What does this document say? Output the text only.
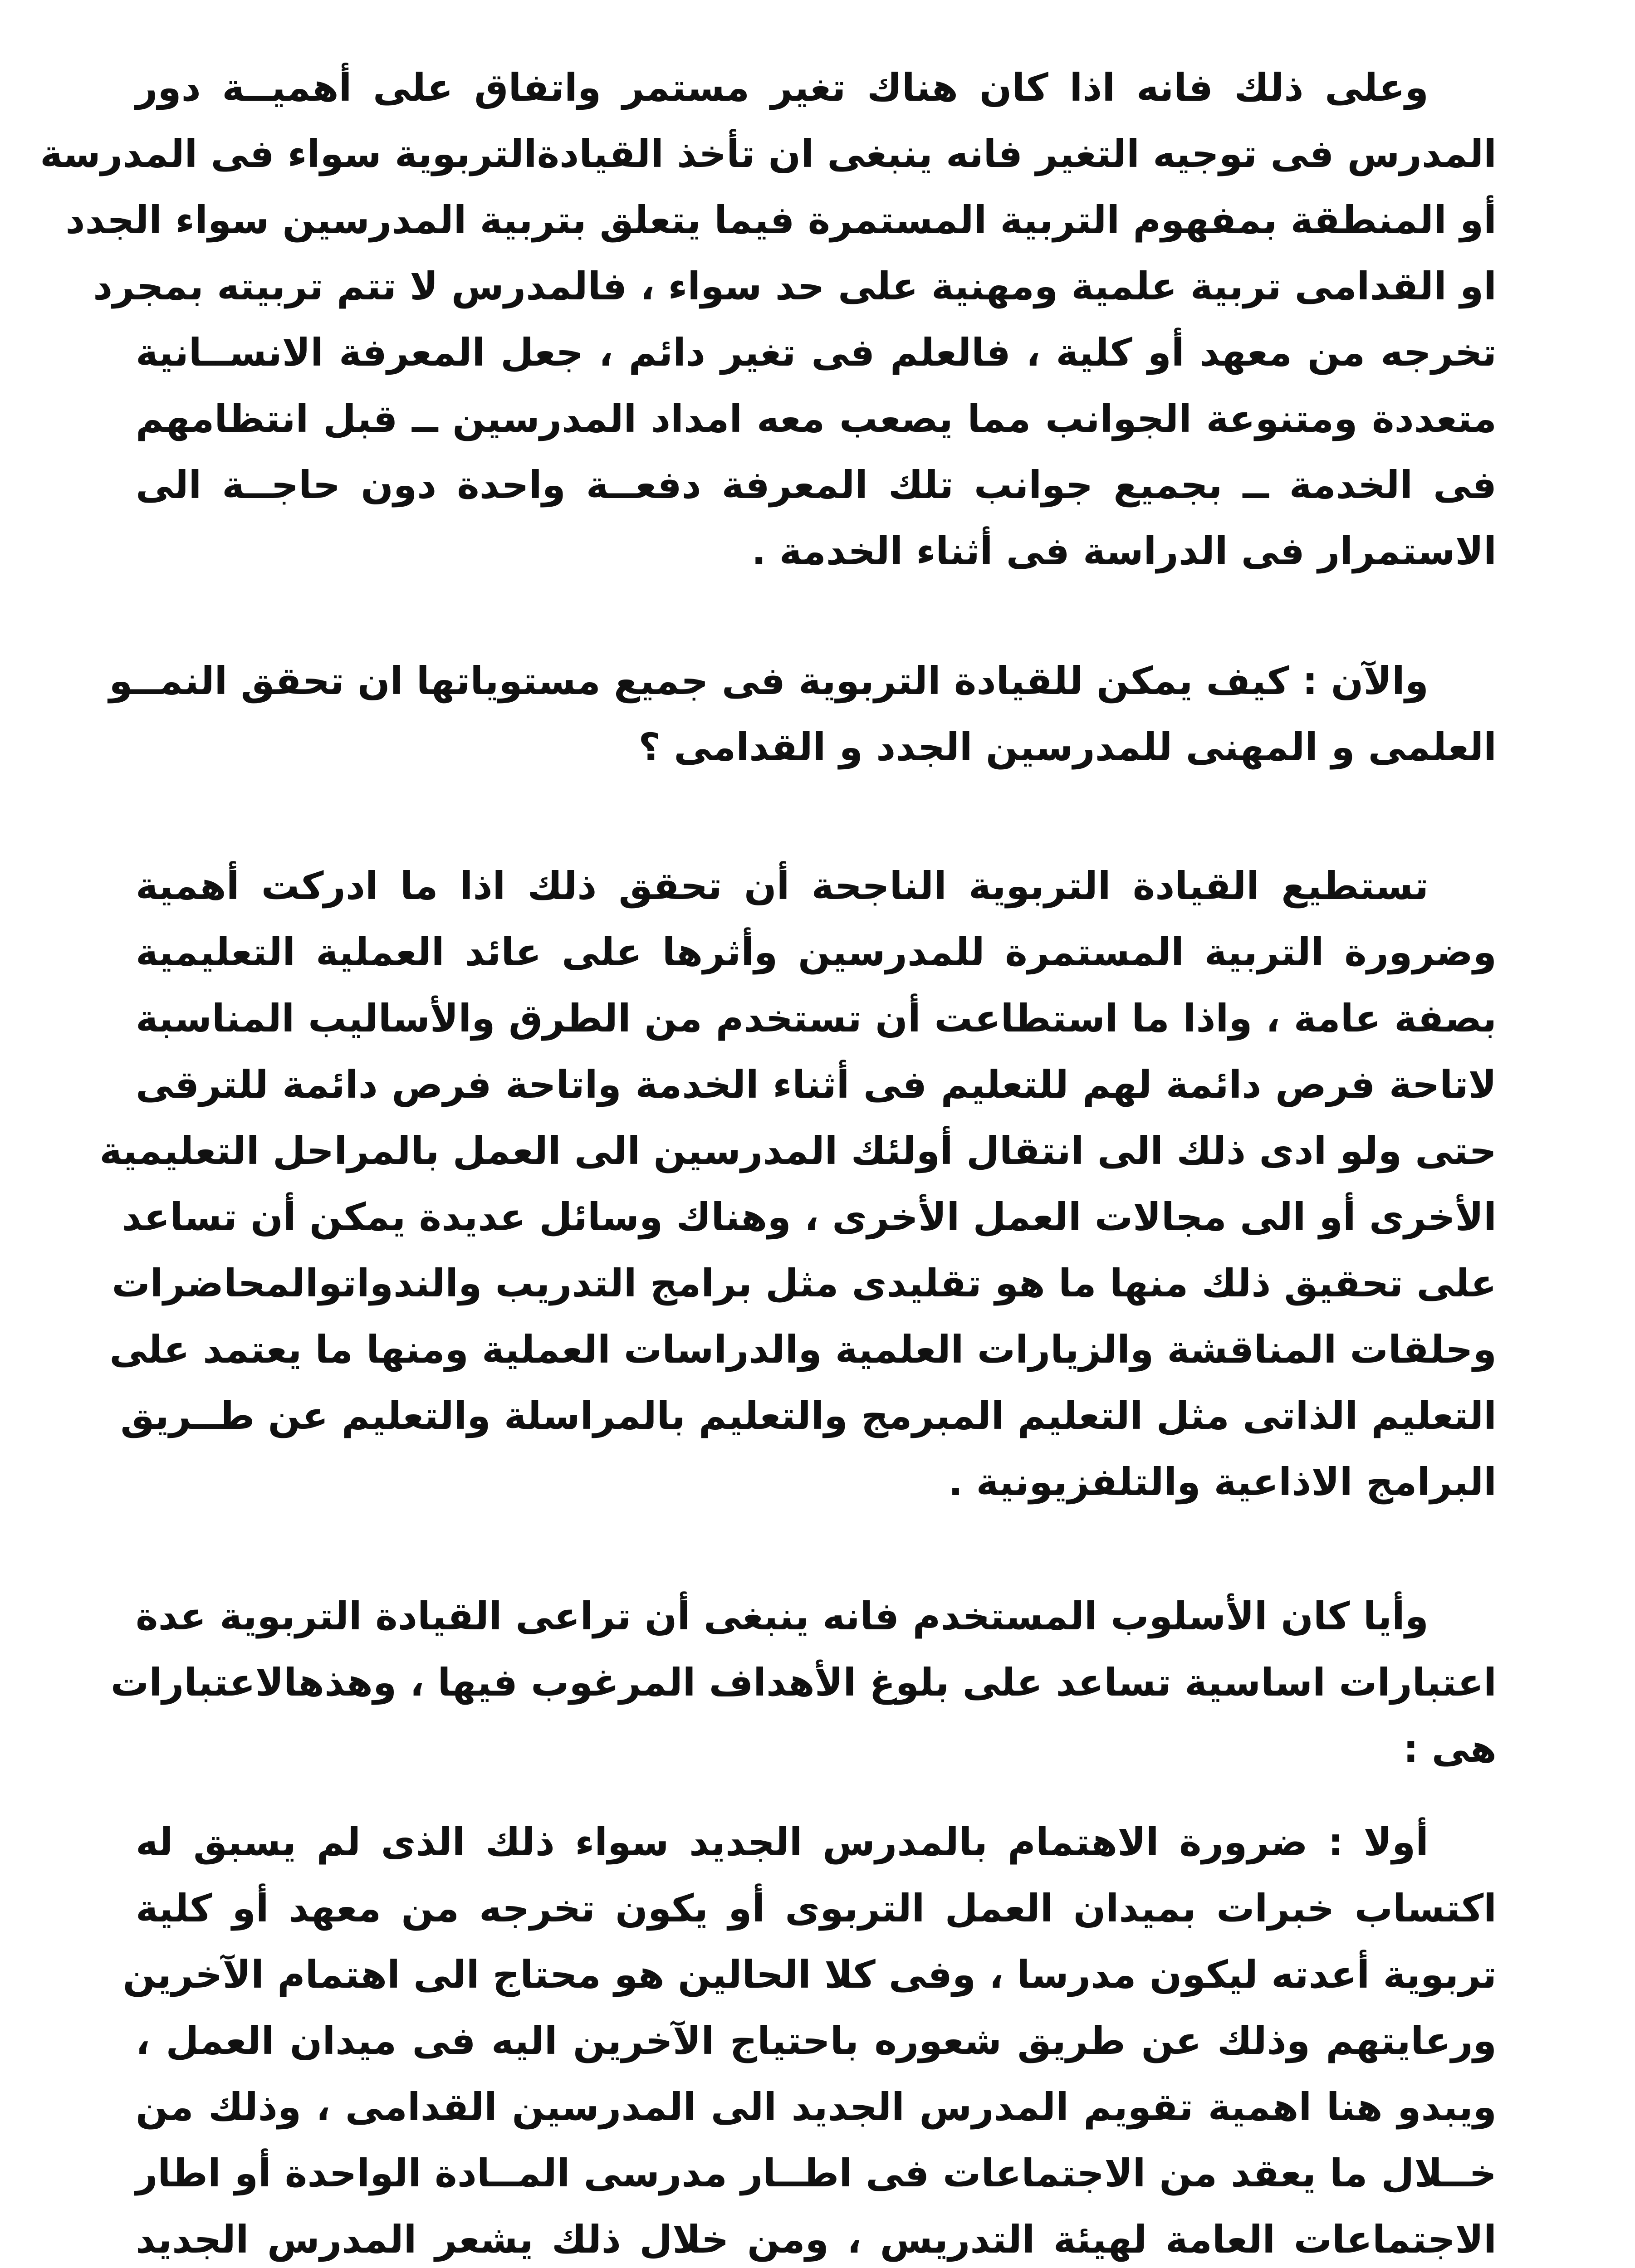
وعلى ذلك فانه اذا كان هناك تغير مستمر واتفاق على أهميــة دور
المدرس فى توجيه التغير فانه ينبغى ان تأخذ القيادةالتربوية سواء فى المدرسة
أو المنطقة بمفهوم التربية المستمرة فيما يتعلق بتربية المدرسين سواء الجدد
او القدامى تربية علمية ومهنية على حد سواء ، فالمدرس لا تتم تربيته بمجرد
تخرجه من معهد أو كلية ، فالعلم فى تغير دائم ، جعل المعرفة الانســانية
متعددة ومتنوعة الجوانب مما يصعب معه امداد المدرسين ــ قبل انتظامهم
فى الخدمة ــ بجميع جوانب تلك المعرفة دفعــة واحدة دون حاجــة الى
الاستمرار فى الدراسة فى أثناء الخدمة .

والآن : كيف يمكن للقيادة التربوية فى جميع مستوياتها ان تحقق النمــو
العلمى و المهنى للمدرسين الجدد و القدامى ؟

تستطيع القيادة التربوية الناجحة أن تحقق ذلك اذا ما ادركت أهمية
وضرورة التربية المستمرة للمدرسين وأثرها على عائد العملية التعليمية
بصفة عامة ، واذا ما استطاعت أن تستخدم من الطرق والأساليب المناسبة
لاتاحة فرص دائمة لهم للتعليم فى أثناء الخدمة واتاحة فرص دائمة للترقى
حتى ولو ادى ذلك الى انتقال أولئك المدرسين الى العمل بالمراحل التعليمية
الأخرى أو الى مجالات العمل الأخرى ، وهناك وسائل عديدة يمكن أن تساعد
على تحقيق ذلك منها ما هو تقليدى مثل برامج التدريب والندواتوالمحاضرات
وحلقات المناقشة والزيارات العلمية والدراسات العملية ومنها ما يعتمد على
التعليم الذاتى مثل التعليم المبرمج والتعليم بالمراسلة والتعليم عن طــريق
البرامج الاذاعية والتلفزيونية .

وأيا كان الأسلوب المستخدم فانه ينبغى أن تراعى القيادة التربوية عدة
اعتبارات اساسية تساعد على بلوغ الأهداف المرغوب فيها ، وهذهالاعتبارات
هى :

أولا : ضرورة الاهتمام بالمدرس الجديد سواء ذلك الذى لم يسبق له
اكتساب خبرات بميدان العمل التربوى أو يكون تخرجه من معهد أو كلية
تربوية أعدته ليكون مدرسا ، وفى كلا الحالين هو محتاج الى اهتمام الآخرين
ورعايتهم وذلك عن طريق شعوره باحتياج الآخرين اليه فى ميدان العمل ،
ويبدو هنا اهمية تقويم المدرس الجديد الى المدرسين القدامى ، وذلك من
خــلال ما يعقد من الاجتماعات فى اطــار مدرسى المــادة الواحدة أو اطار
الاجتماعات العامة لهيئة التدريس ، ومن خلال ذلك يشعر المدرس الجديد
